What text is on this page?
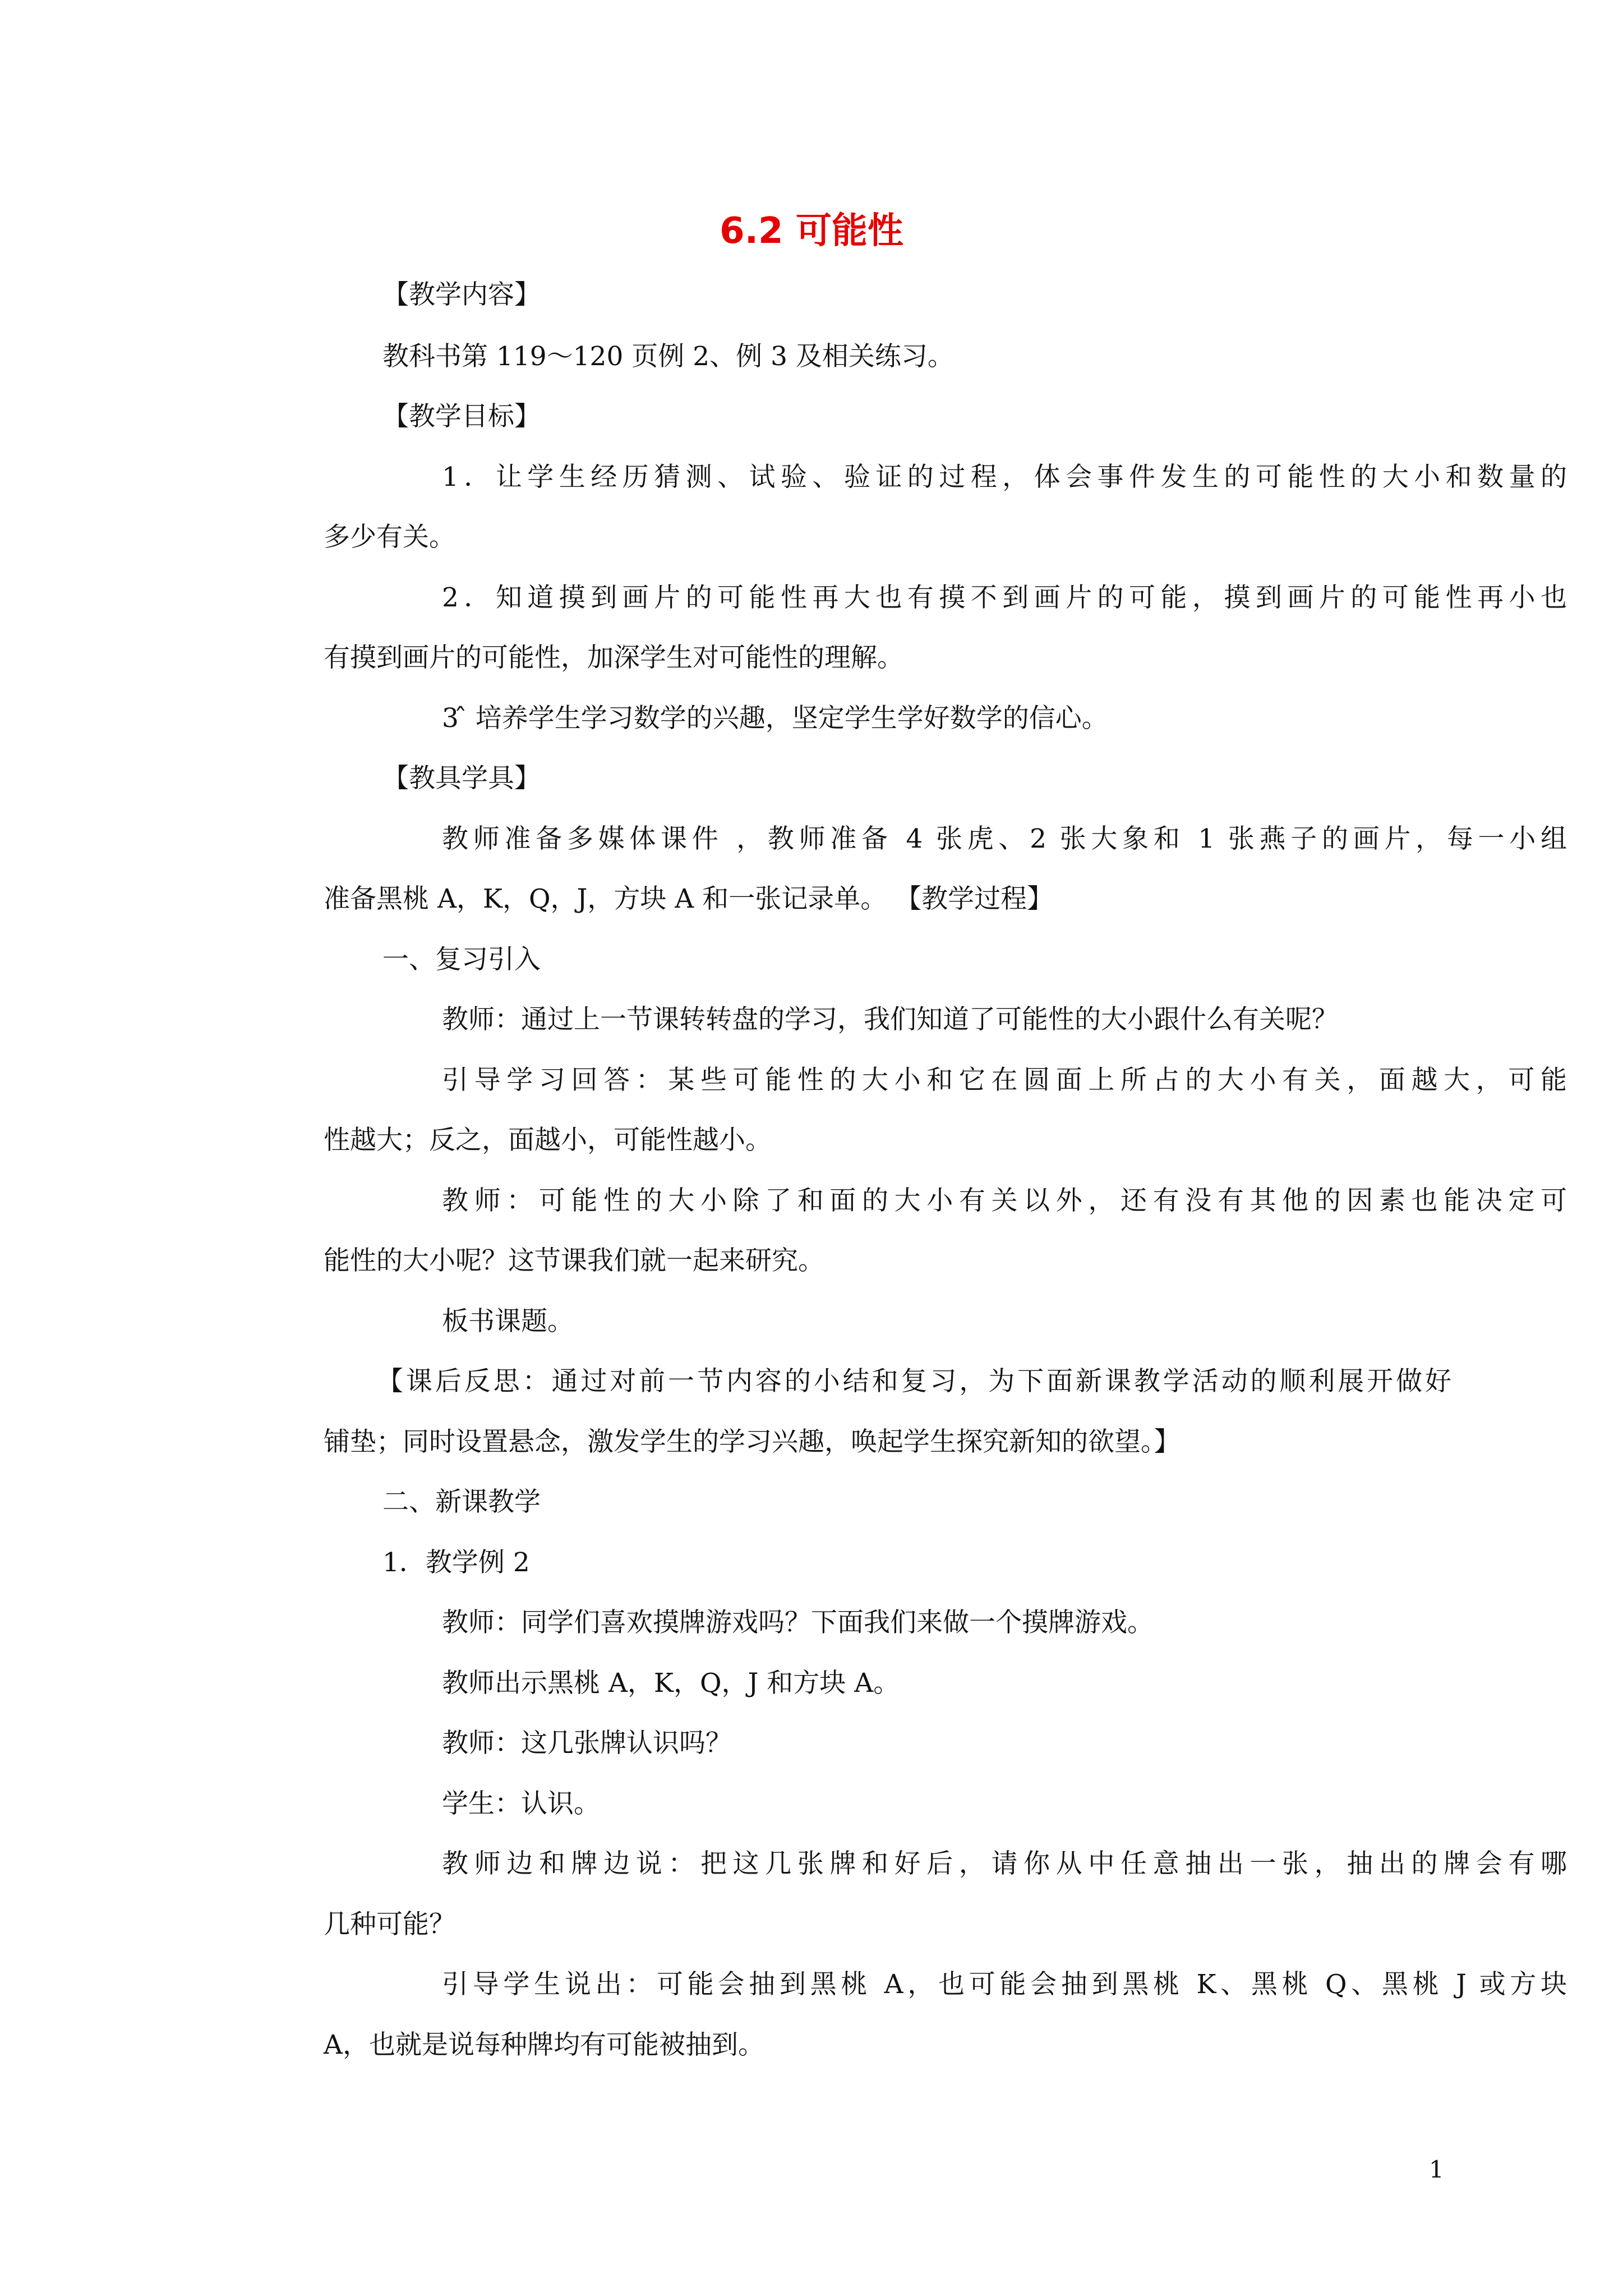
6.2 可能性
【教学内容】
教科书第 119～120 页例 2、例 3 及相关练习。
【教学目标】
1．让学生经历猜测、试验、验证的过程，体会事件发生的可能性的大小和数量的
多少有关。
2．知道摸到画片的可能性再大也有摸不到画片的可能，摸到画片的可能性再小也
有摸到画片的可能性，加深学生对可能性的理解。
3 ̂ 培养学生学习数学的兴趣，坚定学生学好数学的信心。
【教具学具】
教师准备多媒体课件 ，教师准备 4 张虎、2 张大象和 1 张燕子的画片，每一小组
准备黑桃 A，K，Q，J，方块 A 和一张记录单。 【教学过程】
一、复习引入
教师：通过上一节课转转盘的学习，我们知道了可能性的大小跟什么有关呢？
引导学习回答：某些可能性的大小和它在圆面上所占的大小有关，面越大，可能
性越大；反之，面越小，可能性越小。
教师：可能性的大小除了和面的大小有关以外，还有没有其他的因素也能决定可
能性的大小呢？这节课我们就一起来研究。
板书课题。
【课后反思：通过对前一节内容的小结和复习，为下面新课教学活动的顺利展开做好
铺垫；同时设置悬念，激发学生的学习兴趣，唤起学生探究新知的欲望。】
二、新课教学
1．教学例 2
教师：同学们喜欢摸牌游戏吗？下面我们来做一个摸牌游戏。
教师出示黑桃 A，K，Q，J 和方块 A。
教师：这几张牌认识吗？
学生：认识。
教师边和牌边说：把这几张牌和好后，请你从中任意抽出一张，抽出的牌会有哪
几种可能？
引导学生说出：可能会抽到黑桃 A，也可能会抽到黑桃 K、黑桃 Q、黑桃 J 或方块
A，也就是说每种牌均有可能被抽到。
1
